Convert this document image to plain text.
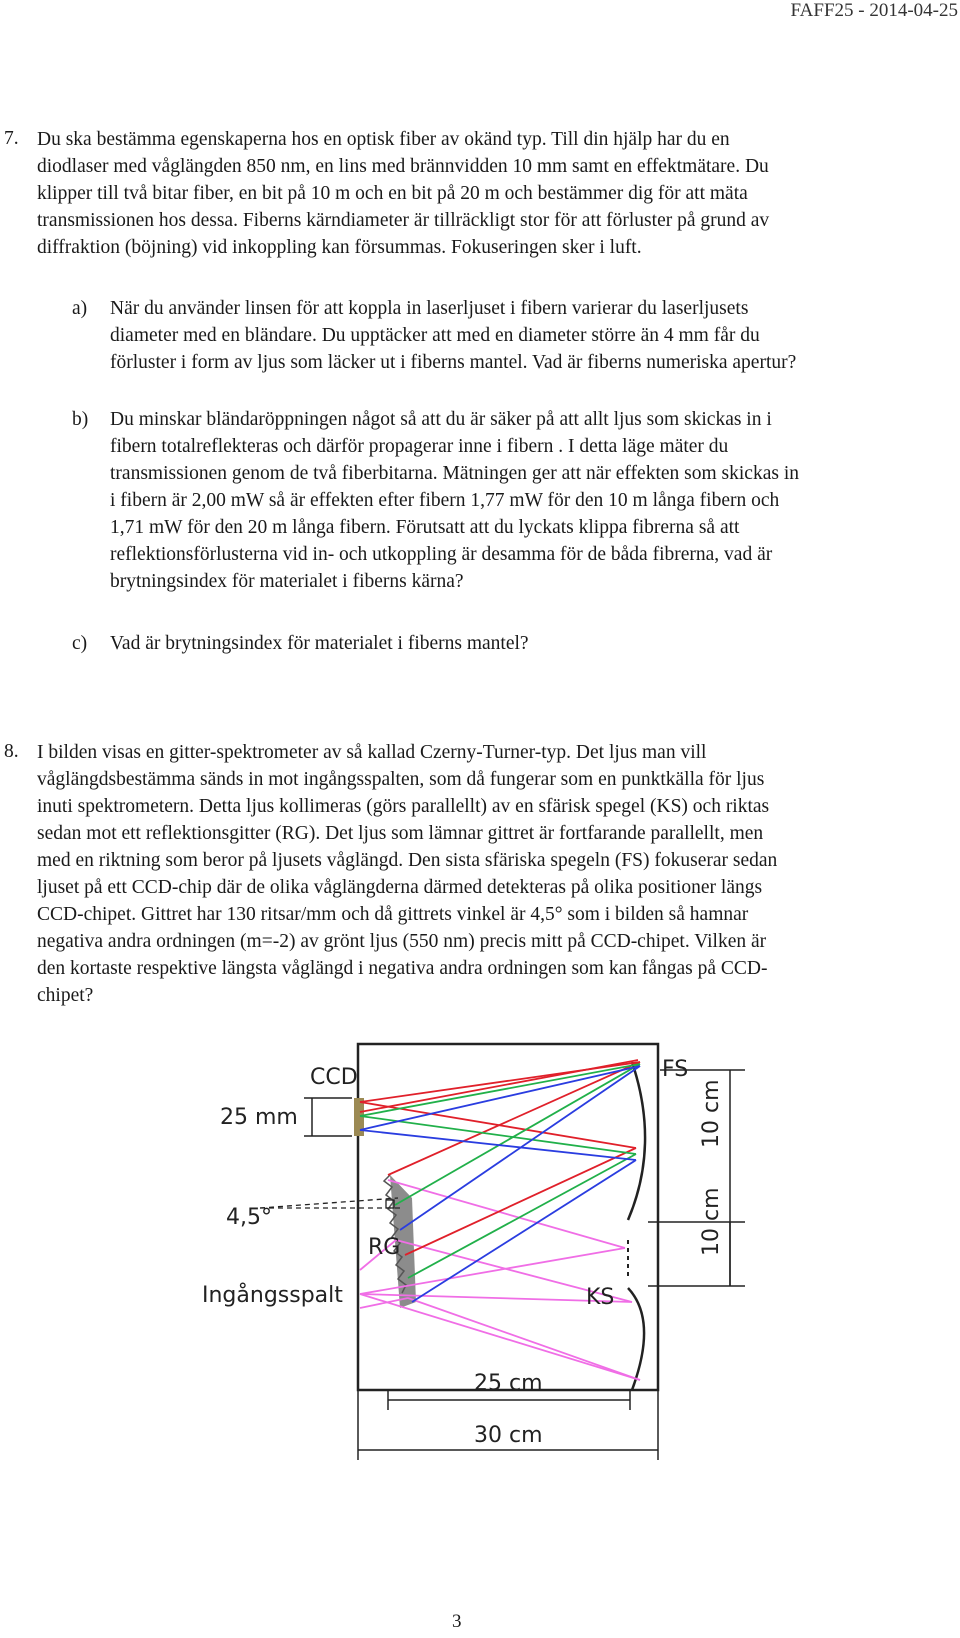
FAFF25 - 2014-04-25
7. Du ska bestämma egenskaperna hos en optisk fiber av okänd typ. Till din hjälp har du en
diodlaser med våglängden 850 nm, en lins med brännvidden 10 mm samt en effektmätare. Du
klipper till två bitar fiber, en bit på 10 m och en bit på 20 m och bestämmer dig för att mäta
transmissionen hos dessa. Fiberns kärndiameter är tillräckligt stor för att förluster på grund av
diffraktion (böjning) vid inkoppling kan försummas. Fokuseringen sker i luft.
a) När du använder linsen för att koppla in laserljuset i fibern varierar du laserljusets
diameter med en bländare. Du upptäcker att med en diameter större än 4 mm får du
förluster i form av ljus som läcker ut i fiberns mantel. Vad är fiberns numeriska apertur?
b) Du minskar bländaröppningen något så att du är säker på att allt ljus som skickas in i
fibern totalreflekteras och därför propagerar inne i fibern . I detta läge mäter du
transmissionen genom de två fiberbitarna. Mätningen ger att när effekten som skickas in
i fibern är 2,00 mW så är effekten efter fibern 1,77 mW för den 10 m långa fibern och
1,71 mW för den 20 m långa fibern. Förutsatt att du lyckats klippa fibrerna så att
reflektionsförlusterna vid in- och utkoppling är desamma för de båda fibrerna, vad är
brytningsindex för materialet i fiberns kärna?
c) Vad är brytningsindex för materialet i fiberns mantel?
8. I bilden visas en gitter-spektrometer av så kallad Czerny-Turner-typ. Det ljus man vill
våglängdsbestämma sänds in mot ingångsspalten, som då fungerar som en punktkälla för ljus
inuti spektrometern. Detta ljus kollimeras (görs parallellt) av en sfärisk spegel (KS) och riktas
sedan mot ett reflektionsgitter (RG). Det ljus som lämnar gittret är fortfarande parallellt, men
med en riktning som beror på ljusets våglängd. Den sista sfäriska spegeln (FS) fokuserar sedan
ljuset på ett CCD-chip där de olika våglängderna därmed detekteras på olika positioner längs
CCD-chipet. Gittret har 130 ritsar/mm och då gittrets vinkel är 4,5° som i bilden så hamnar
negativa andra ordningen (m=-2) av grönt ljus (550 nm) precis mitt på CCD-chipet. Vilken är
den kortaste respektive längsta våglängd i negativa andra ordningen som kan fångas på CCD-
chipet?
CCD	FS
25 mm
4,5°
RG
Ingångsspalt	KS
10 cm
10 cm
25 cm
30 cm
3
